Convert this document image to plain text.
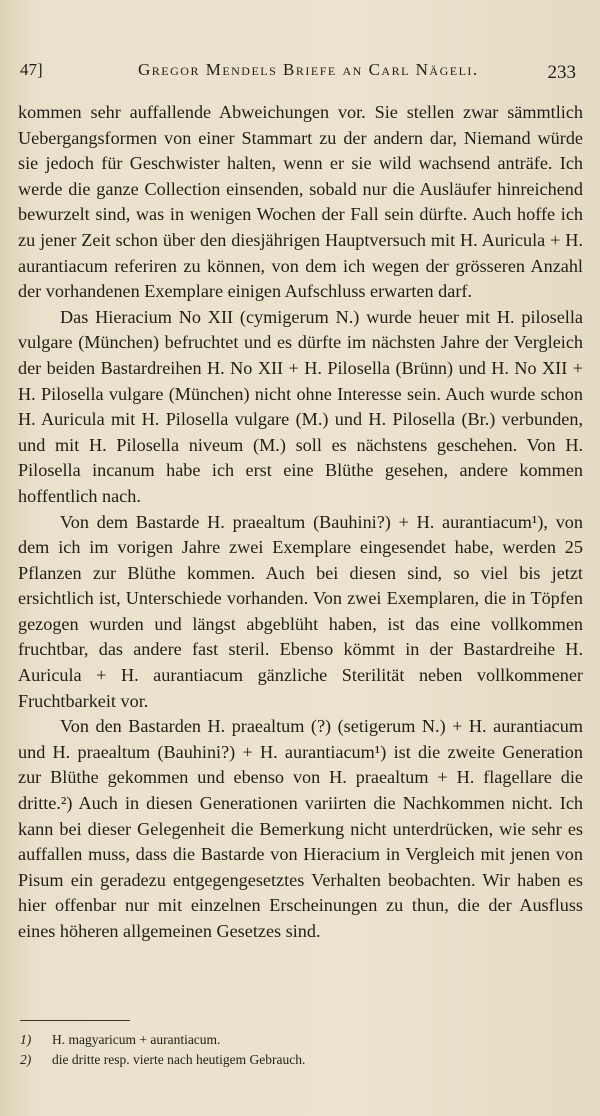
47]	Gregor Mendels Briefe an Carl Nägeli.	233

kommen sehr auffallende Abweichungen vor. Sie stellen zwar sämmtlich Uebergangsformen von einer Stammart zu der andern dar, Niemand würde sie jedoch für Geschwister halten, wenn er sie wild wachsend anträfe. Ich werde die ganze Collection einsenden, sobald nur die Ausläufer hinreichend bewurzelt sind, was in wenigen Wochen der Fall sein dürfte. Auch hoffe ich zu jener Zeit schon über den diesjährigen Hauptversuch mit H. Auricula + H. aurantiacum referiren zu können, von dem ich wegen der grösseren Anzahl der vorhandenen Exemplare einigen Aufschluss erwarten darf.

Das Hieracium No XII (cymigerum N.) wurde heuer mit H. pilosella vulgare (München) befruchtet und es dürfte im nächsten Jahre der Vergleich der beiden Bastardreihen H. No XII + H. Pilosella (Brünn) und H. No XII + H. Pilosella vulgare (München) nicht ohne Interesse sein. Auch wurde schon H. Auricula mit H. Pilosella vulgare (M.) und H. Pilosella (Br.) verbunden, und mit H. Pilosella niveum (M.) soll es nächstens geschehen. Von H. Pilosella incanum habe ich erst eine Blüthe gesehen, andere kommen hoffentlich nach.

Von dem Bastarde H. praealtum (Bauhini?) + H. aurantiacum¹), von dem ich im vorigen Jahre zwei Exemplare eingesendet habe, werden 25 Pflanzen zur Blüthe kommen. Auch bei diesen sind, so viel bis jetzt ersichtlich ist, Unterschiede vorhanden. Von zwei Exemplaren, die in Töpfen gezogen wurden und längst abgeblüht haben, ist das eine vollkommen fruchtbar, das andere fast steril. Ebenso kömmt in der Bastardreihe H. Auricula + H. aurantiacum gänzliche Sterilität neben vollkommener Fruchtbarkeit vor.

Von den Bastarden H. praealtum (?) (setigerum N.) + H. aurantiacum und H. praealtum (Bauhini?) + H. aurantiacum¹) ist die zweite Generation zur Blüthe gekommen und ebenso von H. praealtum + H. flagellare die dritte.²) Auch in diesen Generationen variirten die Nachkommen nicht. Ich kann bei dieser Gelegenheit die Bemerkung nicht unterdrücken, wie sehr es auffallen muss, dass die Bastarde von Hieracium in Vergleich mit jenen von Pisum ein geradezu entgegengesetztes Verhalten beobachten. Wir haben es hier offenbar nur mit einzelnen Erscheinungen zu thun, die der Ausfluss eines höheren allgemeinen Gesetzes sind.

1) H. magyaricum + aurantiacum.

2) die dritte resp. vierte nach heutigem Gebrauch.
